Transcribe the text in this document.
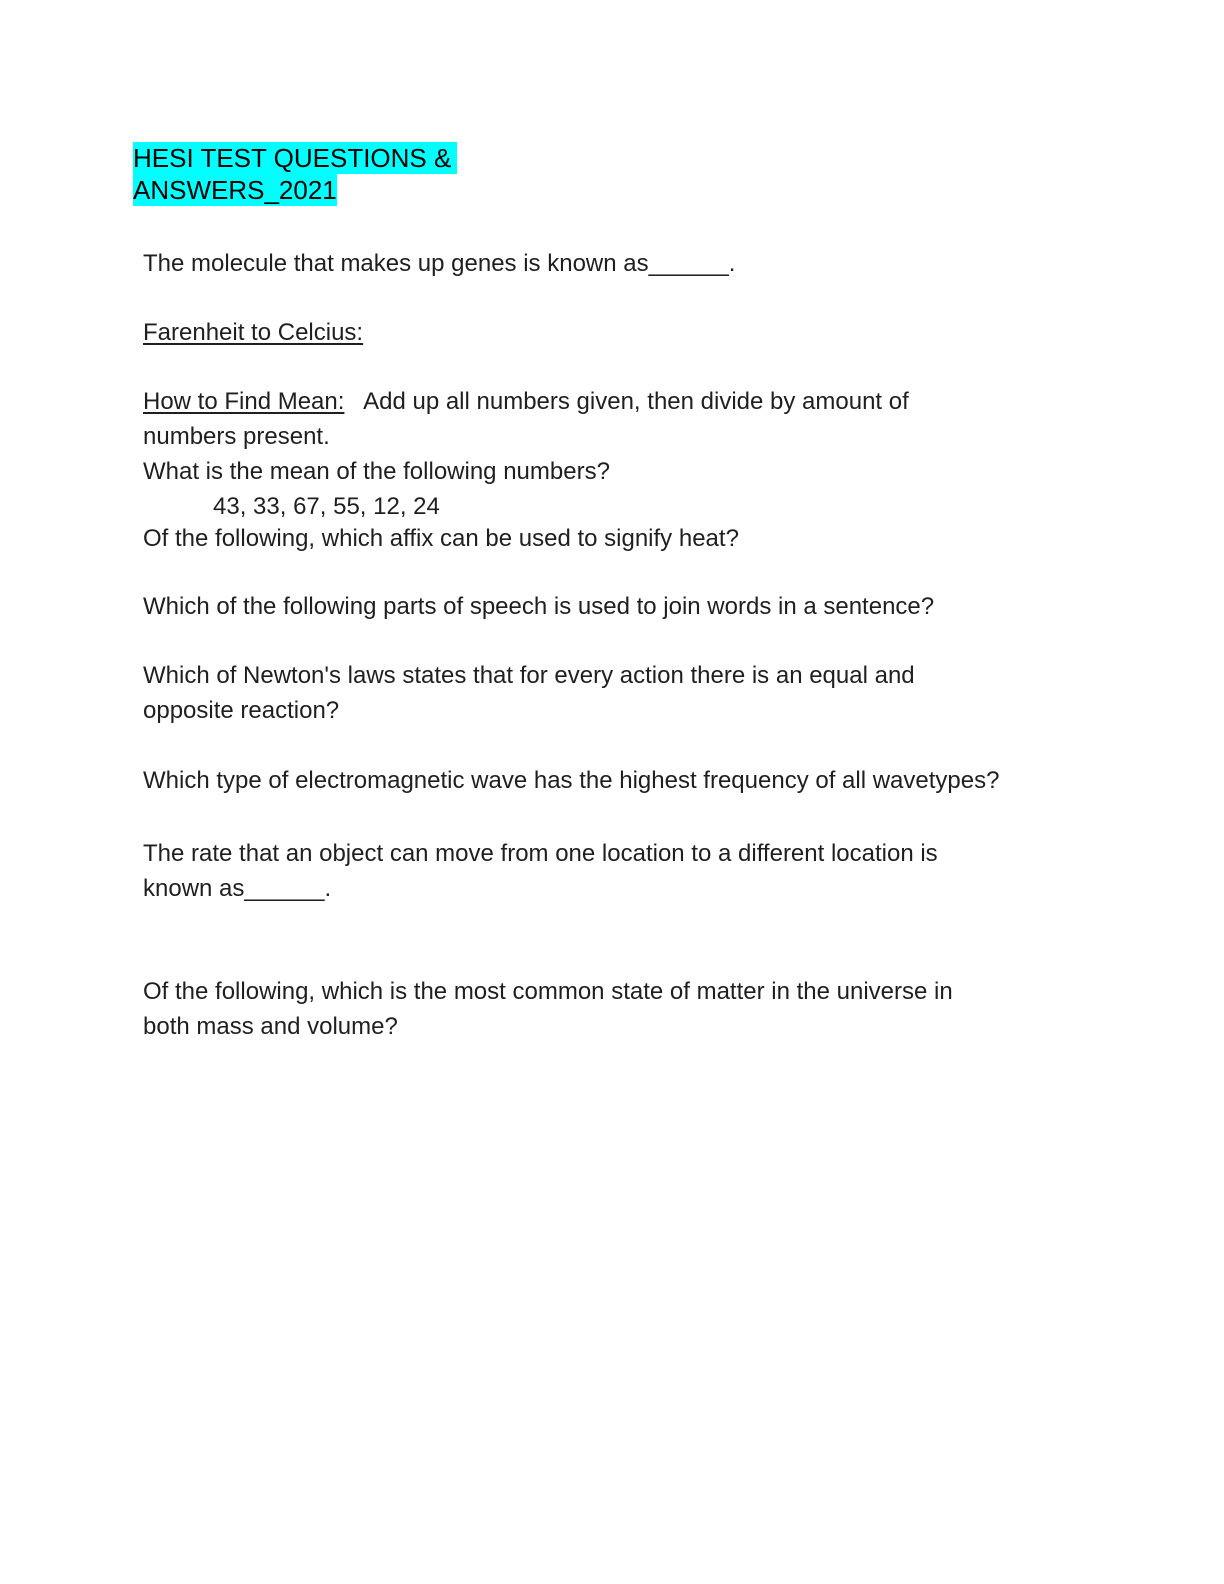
HESI TEST QUESTIONS &
ANSWERS_2021

The molecule that makes up genes is known as______.

Farenheit to Celcius:

How to Find Mean:   Add up all numbers given, then divide by amount of
numbers present.
What is the mean of the following numbers?

43, 33, 67, 55, 12, 24

Of the following, which affix can be used to signify heat?

Which of the following parts of speech is used to join words in a sentence?

Which of Newton's laws states that for every action there is an equal and
opposite reaction?

Which type of electromagnetic wave has the highest frequency of all wavetypes?

The rate that an object can move from one location to a different location is
known as______.

Of the following, which is the most common state of matter in the universe in
both mass and volume?
